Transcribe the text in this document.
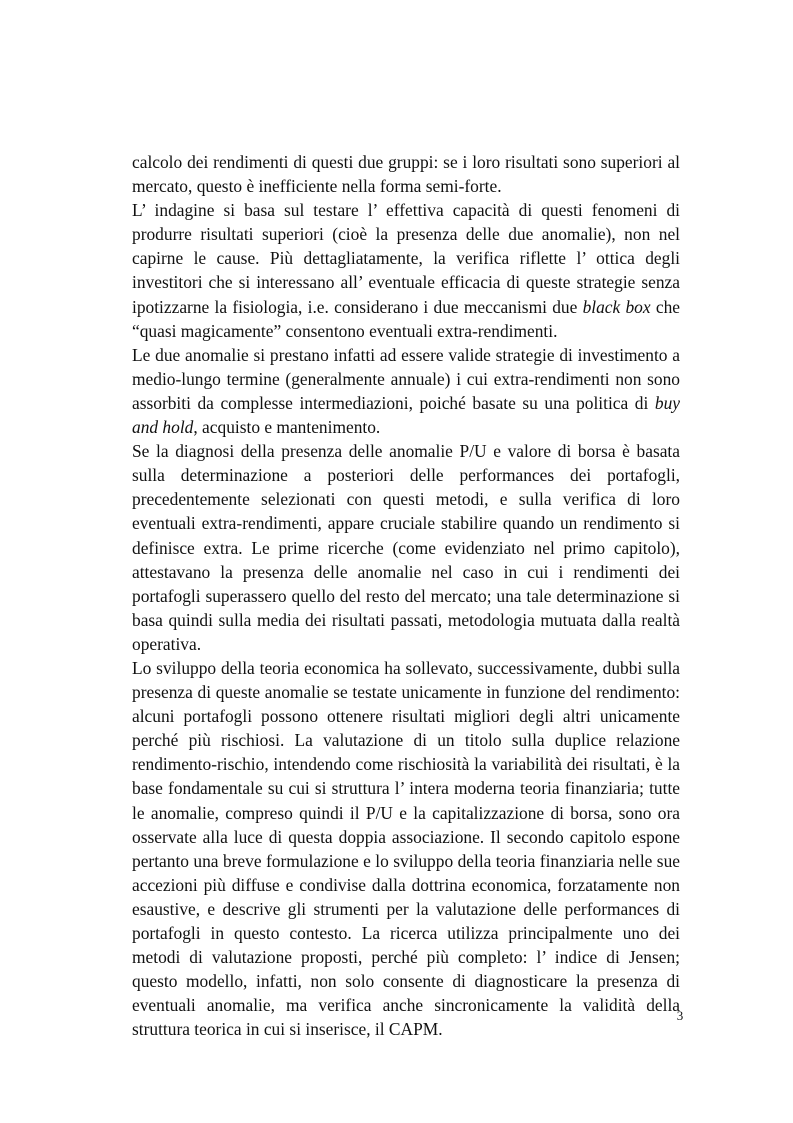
calcolo dei rendimenti di questi due gruppi: se i loro risultati sono superiori al mercato, questo è inefficiente nella forma semi-forte.

L’ indagine si basa sul testare l’ effettiva capacità di questi fenomeni di produrre risultati superiori (cioè la presenza delle due anomalie), non nel capirne le cause. Più dettagliatamente, la verifica riflette l’ ottica degli investitori che si interessano all’ eventuale efficacia di queste strategie senza ipotizzarne la fisiologia, i.e. considerano i due meccanismi due black box che “quasi magicamente” consentono eventuali extra-rendimenti.

Le due anomalie si prestano infatti ad essere valide strategie di investimento a medio-lungo termine (generalmente annuale) i cui extra-rendimenti non sono assorbiti da complesse intermediazioni, poiché basate su una politica di buy and hold, acquisto e mantenimento.

Se la diagnosi della presenza delle anomalie P/U e valore di borsa è basata sulla determinazione a posteriori delle performances dei portafogli, precedentemente selezionati con questi metodi, e sulla verifica di loro eventuali extra-rendimenti, appare cruciale stabilire quando un rendimento si definisce extra. Le prime ricerche (come evidenziato nel primo capitolo), attestavano la presenza delle anomalie nel caso in cui i rendimenti dei portafogli superassero quello del resto del mercato; una tale determinazione si basa quindi sulla media dei risultati passati, metodologia mutuata dalla realtà operativa.

Lo sviluppo della teoria economica ha sollevato, successivamente, dubbi sulla presenza di queste anomalie se testate unicamente in funzione del rendimento: alcuni portafogli possono ottenere risultati migliori degli altri unicamente perché più rischiosi. La valutazione di un titolo sulla duplice relazione rendimento-rischio, intendendo come rischiosità la variabilità dei risultati, è la base fondamentale su cui si struttura l’ intera moderna teoria finanziaria; tutte le anomalie, compreso quindi il P/U e la capitalizzazione di borsa, sono ora osservate alla luce di questa doppia associazione. Il secondo capitolo espone pertanto una breve formulazione e lo sviluppo della teoria finanziaria nelle sue accezioni più diffuse e condivise dalla dottrina economica, forzatamente non esaustive, e descrive gli strumenti per la valutazione delle performances di portafogli in questo contesto. La ricerca utilizza principalmente uno dei metodi di valutazione proposti, perché più completo: l’ indice di Jensen; questo modello, infatti, non solo consente di diagnosticare la presenza di eventuali anomalie, ma verifica anche sincronicamente la validità della struttura teorica in cui si inserisce, il CAPM.

3
